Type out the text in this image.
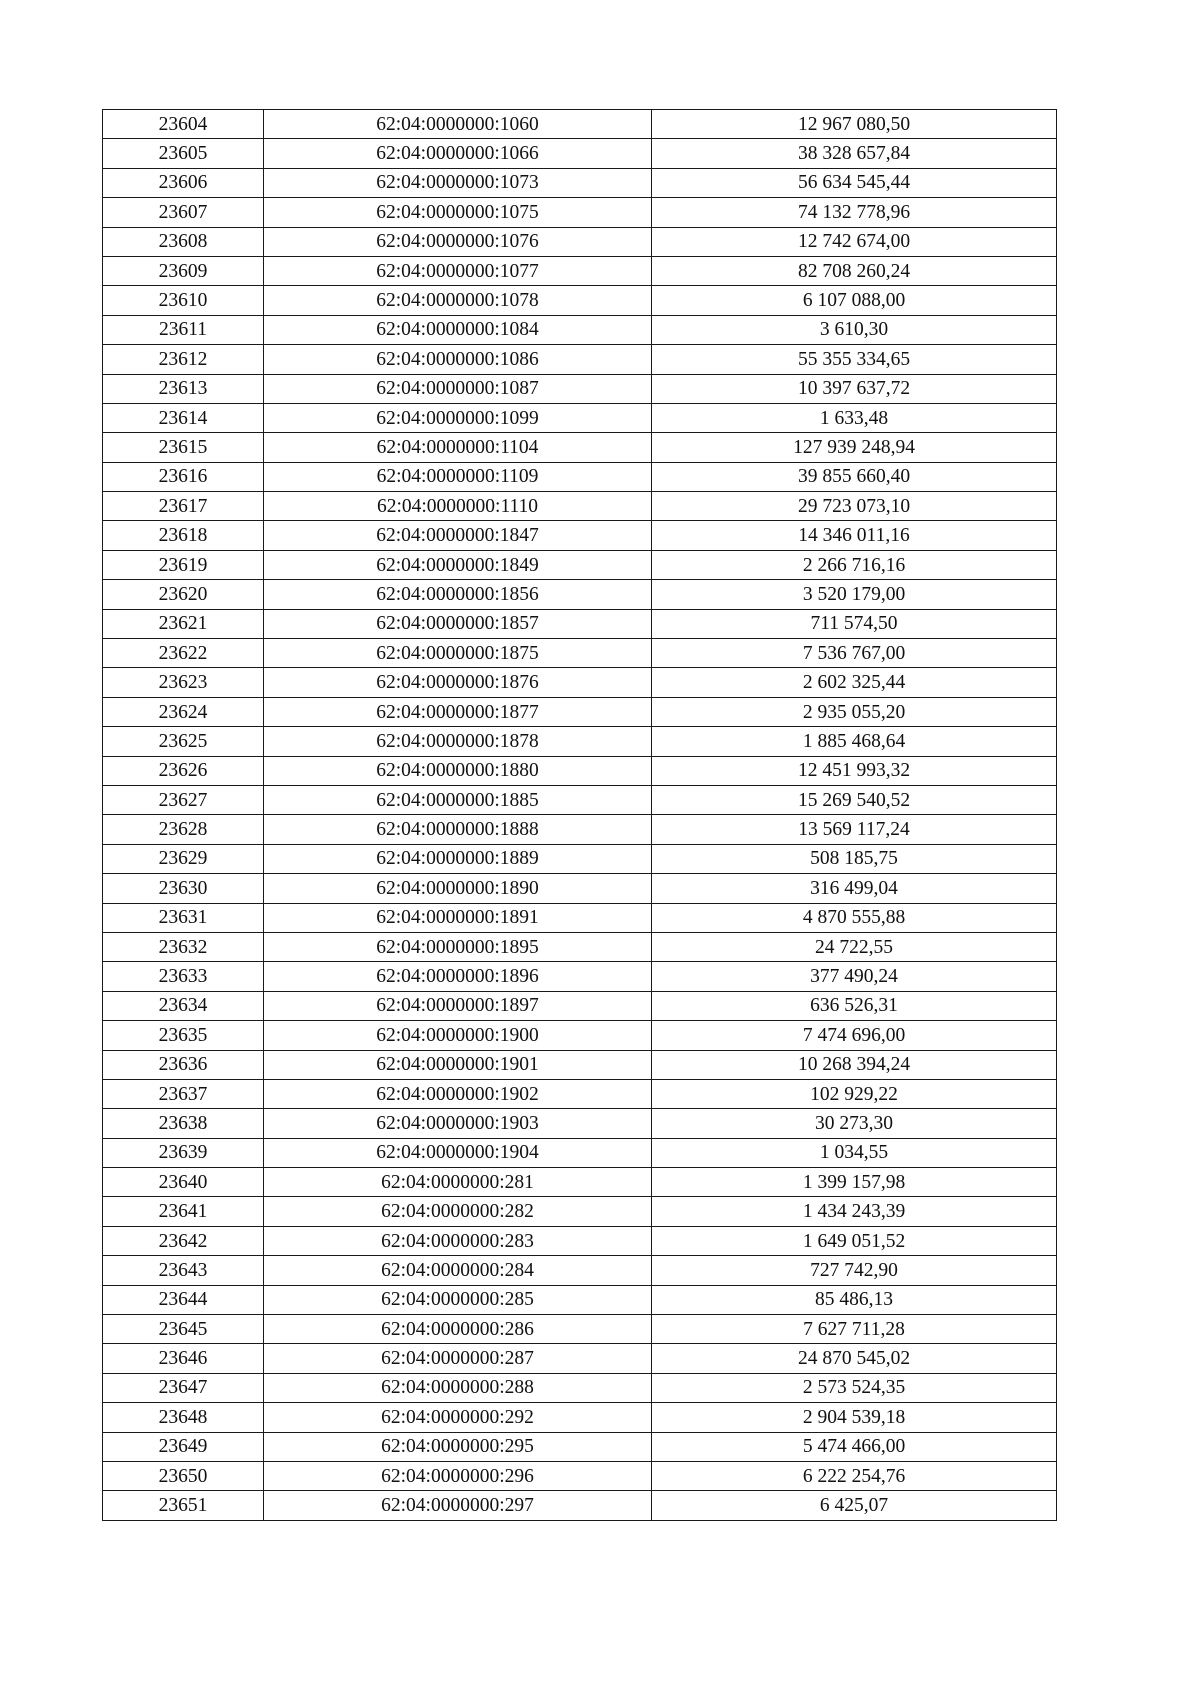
23604	62:04:0000000:1060	12 967 080,50
23605	62:04:0000000:1066	38 328 657,84
23606	62:04:0000000:1073	56 634 545,44
23607	62:04:0000000:1075	74 132 778,96
23608	62:04:0000000:1076	12 742 674,00
23609	62:04:0000000:1077	82 708 260,24
23610	62:04:0000000:1078	6 107 088,00
23611	62:04:0000000:1084	3 610,30
23612	62:04:0000000:1086	55 355 334,65
23613	62:04:0000000:1087	10 397 637,72
23614	62:04:0000000:1099	1 633,48
23615	62:04:0000000:1104	127 939 248,94
23616	62:04:0000000:1109	39 855 660,40
23617	62:04:0000000:1110	29 723 073,10
23618	62:04:0000000:1847	14 346 011,16
23619	62:04:0000000:1849	2 266 716,16
23620	62:04:0000000:1856	3 520 179,00
23621	62:04:0000000:1857	711 574,50
23622	62:04:0000000:1875	7 536 767,00
23623	62:04:0000000:1876	2 602 325,44
23624	62:04:0000000:1877	2 935 055,20
23625	62:04:0000000:1878	1 885 468,64
23626	62:04:0000000:1880	12 451 993,32
23627	62:04:0000000:1885	15 269 540,52
23628	62:04:0000000:1888	13 569 117,24
23629	62:04:0000000:1889	508 185,75
23630	62:04:0000000:1890	316 499,04
23631	62:04:0000000:1891	4 870 555,88
23632	62:04:0000000:1895	24 722,55
23633	62:04:0000000:1896	377 490,24
23634	62:04:0000000:1897	636 526,31
23635	62:04:0000000:1900	7 474 696,00
23636	62:04:0000000:1901	10 268 394,24
23637	62:04:0000000:1902	102 929,22
23638	62:04:0000000:1903	30 273,30
23639	62:04:0000000:1904	1 034,55
23640	62:04:0000000:281	1 399 157,98
23641	62:04:0000000:282	1 434 243,39
23642	62:04:0000000:283	1 649 051,52
23643	62:04:0000000:284	727 742,90
23644	62:04:0000000:285	85 486,13
23645	62:04:0000000:286	7 627 711,28
23646	62:04:0000000:287	24 870 545,02
23647	62:04:0000000:288	2 573 524,35
23648	62:04:0000000:292	2 904 539,18
23649	62:04:0000000:295	5 474 466,00
23650	62:04:0000000:296	6 222 254,76
23651	62:04:0000000:297	6 425,07
